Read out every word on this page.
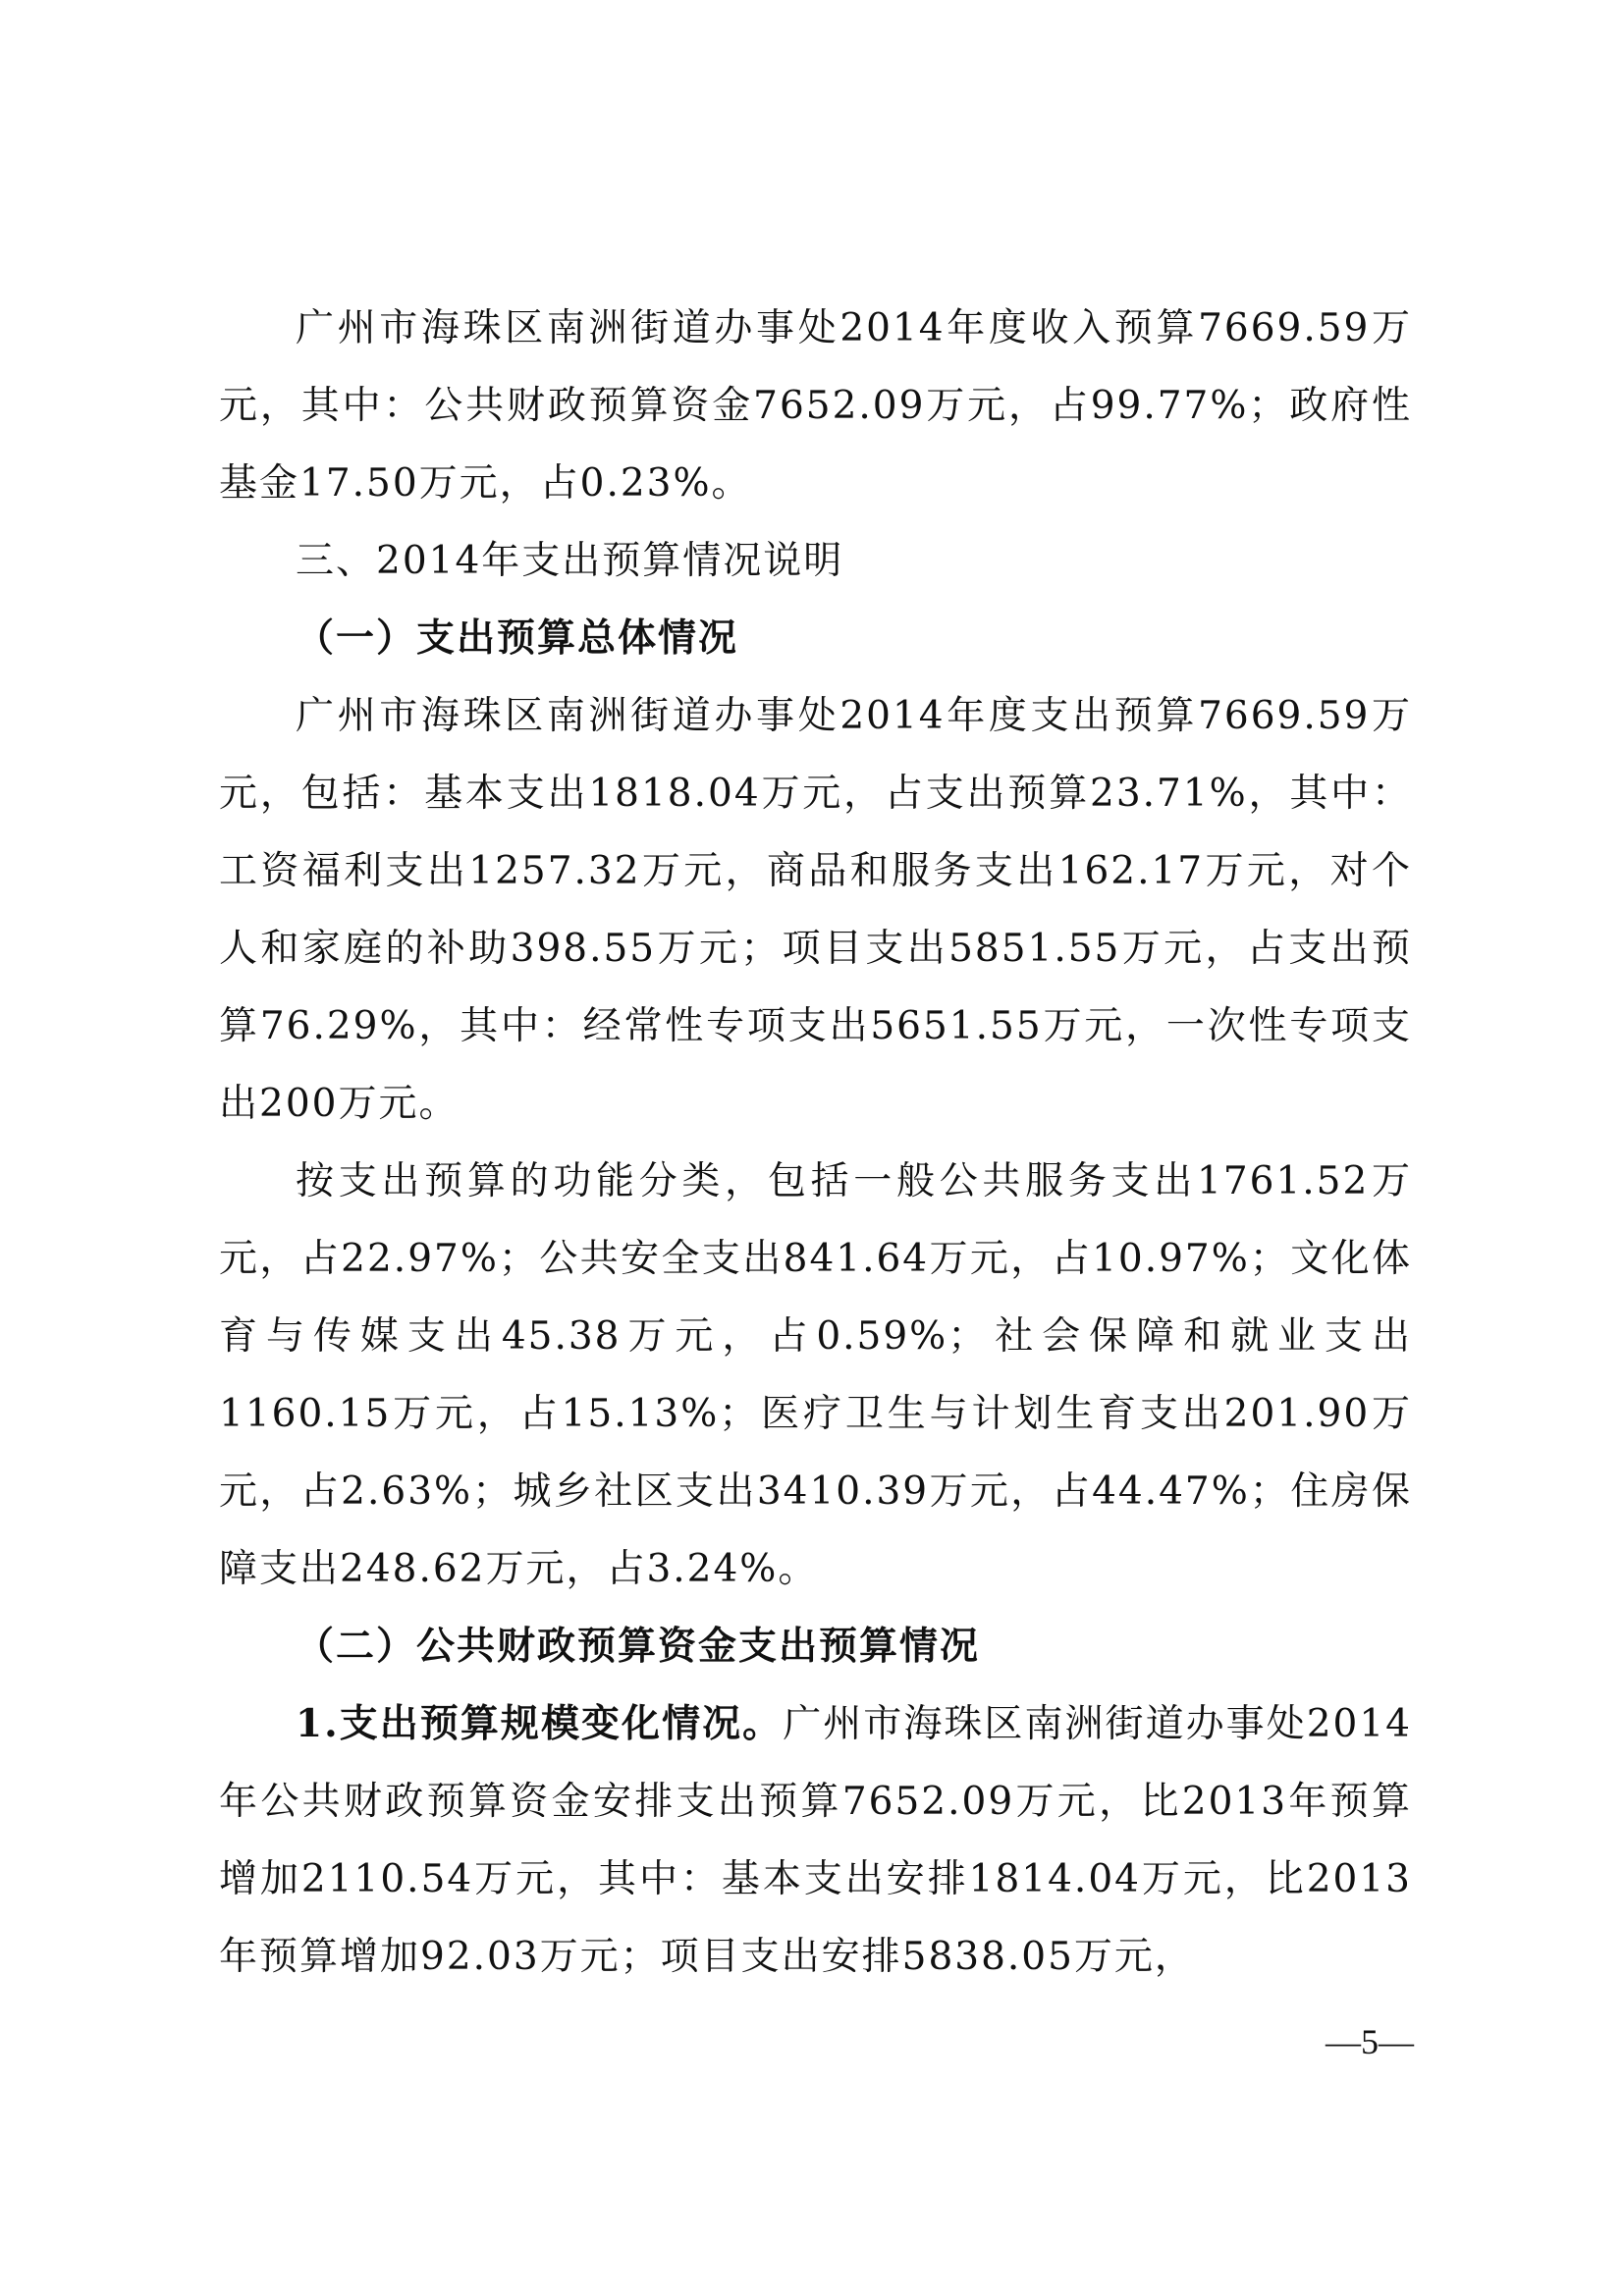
广州市海珠区南洲街道办事处2014年度收入预算7669.59万元，其中：公共财政预算资金7652.09万元，占99.77%；政府性基金17.50万元，占0.23%。

三、2014年支出预算情况说明

（一）支出预算总体情况

广州市海珠区南洲街道办事处2014年度支出预算7669.59万元，包括：基本支出1818.04万元，占支出预算23.71%，其中：工资福利支出1257.32万元，商品和服务支出162.17万元，对个人和家庭的补助398.55万元；项目支出5851.55万元，占支出预算76.29%，其中：经常性专项支出5651.55万元，一次性专项支出200万元。

按支出预算的功能分类，包括一般公共服务支出1761.52万元，占22.97%；公共安全支出841.64万元，占10.97%；文化体育与传媒支出45.38万元，占0.59%；社会保障和就业支出1160.15万元，占15.13%；医疗卫生与计划生育支出201.90万元，占2.63%；城乡社区支出3410.39万元，占44.47%；住房保障支出248.62万元，占3.24%。

（二）公共财政预算资金支出预算情况

1.支出预算规模变化情况。广州市海珠区南洲街道办事处2014年公共财政预算资金安排支出预算7652.09万元，比2013年预算增加2110.54万元，其中：基本支出安排1814.04万元，比2013年预算增加92.03万元；项目支出安排5838.05万元，

—5—
